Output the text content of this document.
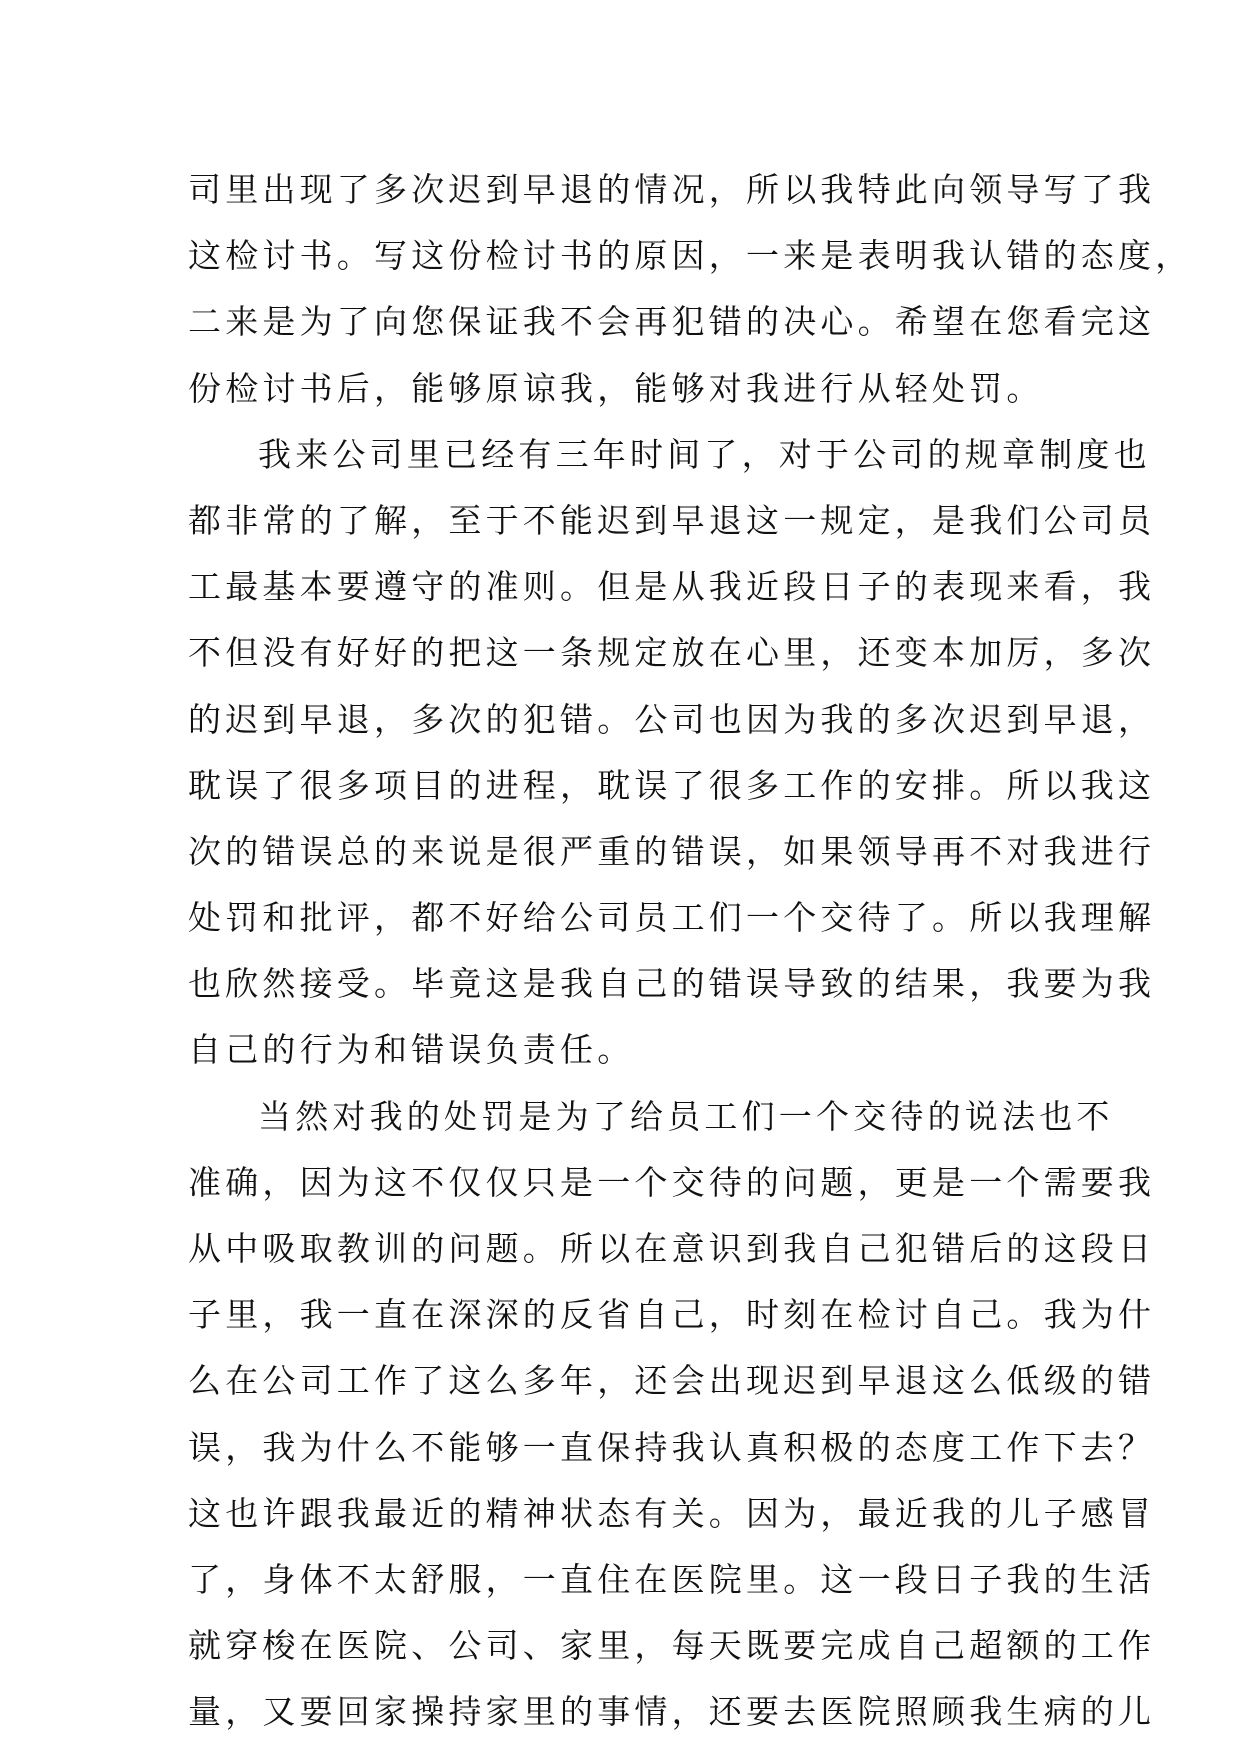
司里出现了多次迟到早退的情况，所以我特此向领导写了我
这检讨书。写这份检讨书的原因，一来是表明我认错的态度，
二来是为了向您保证我不会再犯错的决心。希望在您看完这
份检讨书后，能够原谅我，能够对我进行从轻处罚。
我来公司里已经有三年时间了，对于公司的规章制度也
都非常的了解，至于不能迟到早退这一规定，是我们公司员
工最基本要遵守的准则。但是从我近段日子的表现来看，我
不但没有好好的把这一条规定放在心里，还变本加厉，多次
的迟到早退，多次的犯错。公司也因为我的多次迟到早退，
耽误了很多项目的进程，耽误了很多工作的安排。所以我这
次的错误总的来说是很严重的错误，如果领导再不对我进行
处罚和批评，都不好给公司员工们一个交待了。所以我理解
也欣然接受。毕竟这是我自己的错误导致的结果，我要为我
自己的行为和错误负责任。
当然对我的处罚是为了给员工们一个交待的说法也不
准确，因为这不仅仅只是一个交待的问题，更是一个需要我
从中吸取教训的问题。所以在意识到我自己犯错后的这段日
子里，我一直在深深的反省自己，时刻在检讨自己。我为什
么在公司工作了这么多年，还会出现迟到早退这么低级的错
误，我为什么不能够一直保持我认真积极的态度工作下去？
这也许跟我最近的精神状态有关。因为，最近我的儿子感冒
了，身体不太舒服，一直住在医院里。这一段日子我的生活
就穿梭在医院、公司、家里，每天既要完成自己超额的工作
量，又要回家操持家里的事情，还要去医院照顾我生病的儿
